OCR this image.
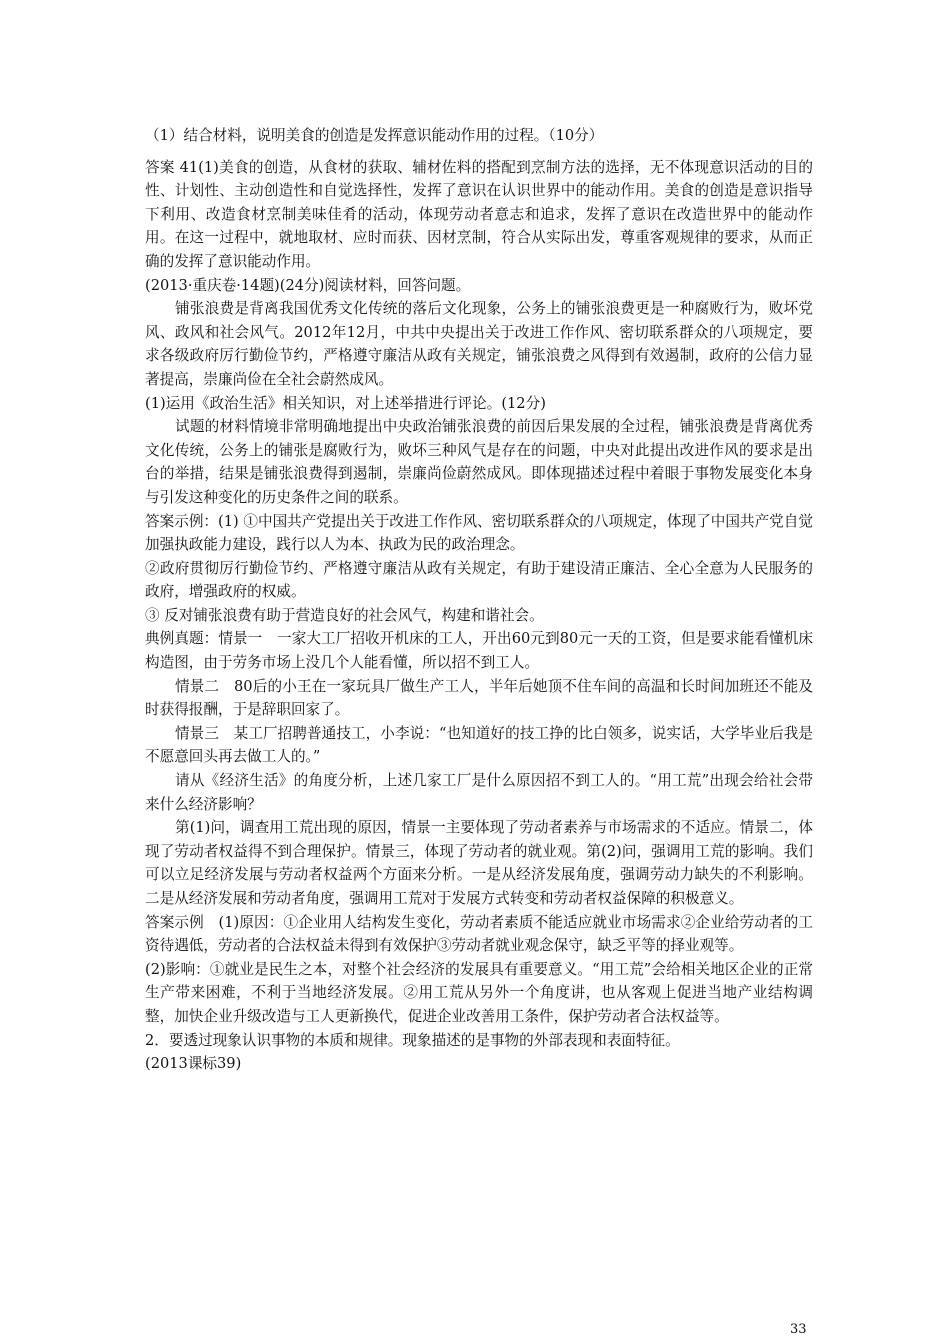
（1）结合材料，说明美食的创造是发挥意识能动作用的过程。（10分）

答案 41(1)美食的创造，从食材的获取、辅材佐料的搭配到烹制方法的选择，无不体现意识活动的目的性、计划性、主动创造性和自觉选择性，发挥了意识在认识世界中的能动作用。美食的创造是意识指导下利用、改造食材烹制美味佳肴的活动，体现劳动者意志和追求，发挥了意识在改造世界中的能动作用。在这一过程中，就地取材、应时而获、因材烹制，符合从实际出发，尊重客观规律的要求，从而正确的发挥了意识能动作用。

(2013·重庆卷·14题)(24分)阅读材料，回答问题。

铺张浪费是背离我国优秀文化传统的落后文化现象，公务上的铺张浪费更是一种腐败行为，败坏党风、政风和社会风气。2012年12月，中共中央提出关于改进工作作风、密切联系群众的八项规定，要求各级政府厉行勤俭节约，严格遵守廉洁从政有关规定，铺张浪费之风得到有效遏制，政府的公信力显著提高，崇廉尚俭在全社会蔚然成风。

(1)运用《政治生活》相关知识，对上述举措进行评论。(12分)

试题的材料情境非常明确地提出中央政治铺张浪费的前因后果发展的全过程，铺张浪费是背离优秀文化传统，公务上的铺张是腐败行为，败坏三种风气是存在的问题，中央对此提出改进作风的要求是出台的举措，结果是铺张浪费得到遏制，崇廉尚俭蔚然成风。即体现描述过程中着眼于事物发展变化本身与引发这种变化的历史条件之间的联系。

答案示例：(1) ①中国共产党提出关于改进工作作风、密切联系群众的八项规定，体现了中国共产党自觉加强执政能力建设，践行以人为本、执政为民的政治理念。

②政府贯彻厉行勤俭节约、严格遵守廉洁从政有关规定，有助于建设清正廉洁、全心全意为人民服务的政府，增强政府的权威。

③ 反对铺张浪费有助于营造良好的社会风气，构建和谐社会。

典例真题：情景一　一家大工厂招收开机床的工人，开出60元到80元一天的工资，但是要求能看懂机床构造图，由于劳务市场上没几个人能看懂，所以招不到工人。

情景二　80后的小王在一家玩具厂做生产工人，半年后她顶不住车间的高温和长时间加班还不能及时获得报酬，于是辞职回家了。

情景三　某工厂招聘普通技工，小李说：“也知道好的技工挣的比白领多，说实话，大学毕业后我是不愿意回头再去做工人的。”

请从《经济生活》的角度分析，上述几家工厂是什么原因招不到工人的。“用工荒”出现会给社会带来什么经济影响？

第(1)问，调查用工荒出现的原因，情景一主要体现了劳动者素养与市场需求的不适应。情景二，体现了劳动者权益得不到合理保护。情景三，体现了劳动者的就业观。第(2)问，强调用工荒的影响。我们可以立足经济发展与劳动者权益两个方面来分析。一是从经济发展角度，强调劳动力缺失的不利影响。二是从经济发展和劳动者角度，强调用工荒对于发展方式转变和劳动者权益保障的积极意义。

答案示例　(1)原因：①企业用人结构发生变化，劳动者素质不能适应就业市场需求②企业给劳动者的工资待遇低，劳动者的合法权益未得到有效保护③劳动者就业观念保守，缺乏平等的择业观等。

(2)影响：①就业是民生之本，对整个社会经济的发展具有重要意义。“用工荒”会给相关地区企业的正常生产带来困难，不利于当地经济发展。②用工荒从另外一个角度讲，也从客观上促进当地产业结构调整，加快企业升级改造与工人更新换代，促进企业改善用工条件，保护劳动者合法权益等。

2．要透过现象认识事物的本质和规律。现象描述的是事物的外部表现和表面特征。

(2013课标39)

33
